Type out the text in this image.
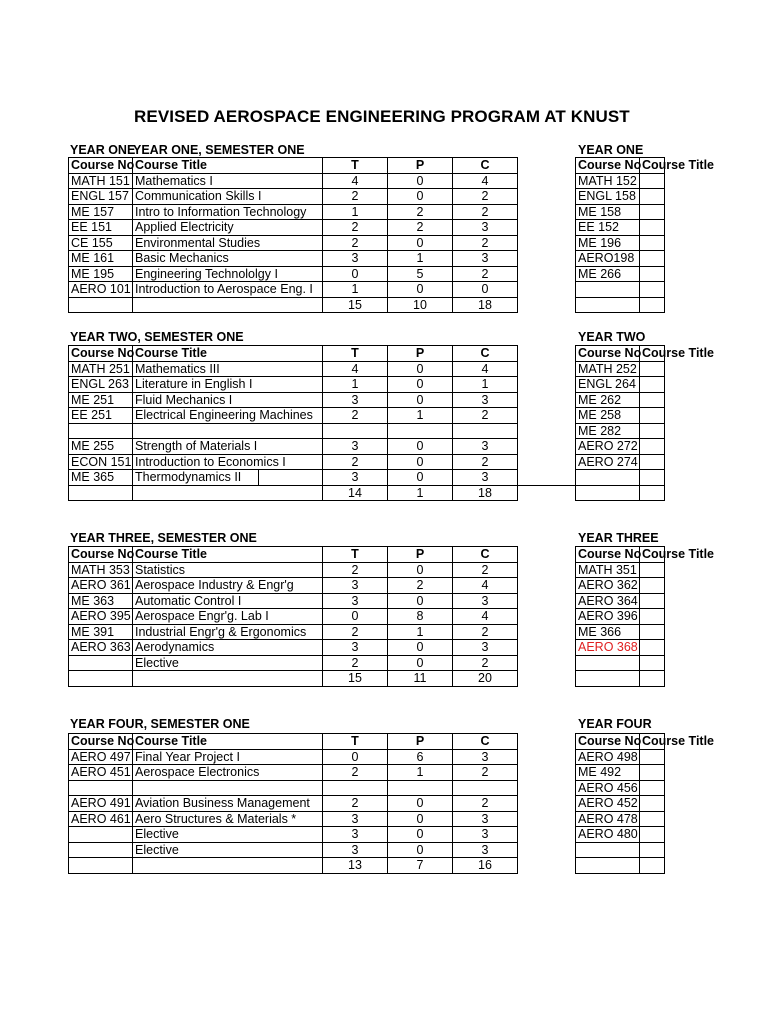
REVISED AEROSPACE ENGINEERING PROGRAM AT KNUST
YEAR ONE
YEAR ONE, SEMESTER ONE
Course No	Course Title	T	P	C
MATH 151	Mathematics I	4	0	4
ENGL 157	Communication Skills I	2	0	2
ME 157	Intro to Information Technology	1	2	2
EE 151	Applied Electricity	2	2	3
CE 155	Environmental Studies	2	0	2
ME 161	Basic Mechanics	3	1	3
ME 195	Engineering Technololgy I	0	5	2
AERO 101	Introduction to Aerospace Eng. I	1	0	0
		15	10	18
YEAR TWO, SEMESTER ONE
Course No	Course Title	T	P	C
MATH 251	Mathematics III	4	0	4
ENGL 263	Literature in English I	1	0	1
ME 251	Fluid Mechanics I	3	0	3
EE 251	Electrical Engineering Machines	2	1	2

ME 255	Strength of Materials I	3	0	3
ECON 151	Introduction to Economics I	2	0	2
ME 365	Thermodynamics II	3	0	3
		14	1	18
YEAR THREE, SEMESTER ONE
Course No	Course Title	T	P	C
MATH 353	Statistics	2	0	2
AERO 361	Aerospace Industry & Engr'g	3	2	4
ME 363	Automatic Control I	3	0	3
AERO 395	Aerospace Engr'g. Lab I	0	8	4
ME 391	Industrial Engr'g & Ergonomics	2	1	2
AERO 363	Aerodynamics	3	0	3
	Elective	2	0	2
		15	11	20
YEAR FOUR, SEMESTER ONE
Course No	Course Title	T	P	C
AERO 497	Final Year Project I	0	6	3
AERO 451	Aerospace Electronics	2	1	2

AERO 491	Aviation Business Management	2	0	2
AERO 461	Aero Structures & Materials *	3	0	3
	Elective	3	0	3
	Elective	3	0	3
		13	7	16
YEAR ONE
Course No	Course Title
MATH 152	
ENGL 158	
ME 158	
EE 152	
ME 196	
AERO198	
ME 266	

YEAR TWO
Course No	Course Title
MATH 252	
ENGL 264	
ME 262	
ME 258	
ME 282	
AERO 272	
AERO 274	

YEAR THREE
Course No	Course Title
MATH 351	
AERO 362	
AERO 364	
AERO 396	
ME 366	
AERO 368	

YEAR FOUR
Course No	Course Title
AERO 498	
ME 492	
AERO 456	
AERO 452	
AERO 478	
AERO 480	
